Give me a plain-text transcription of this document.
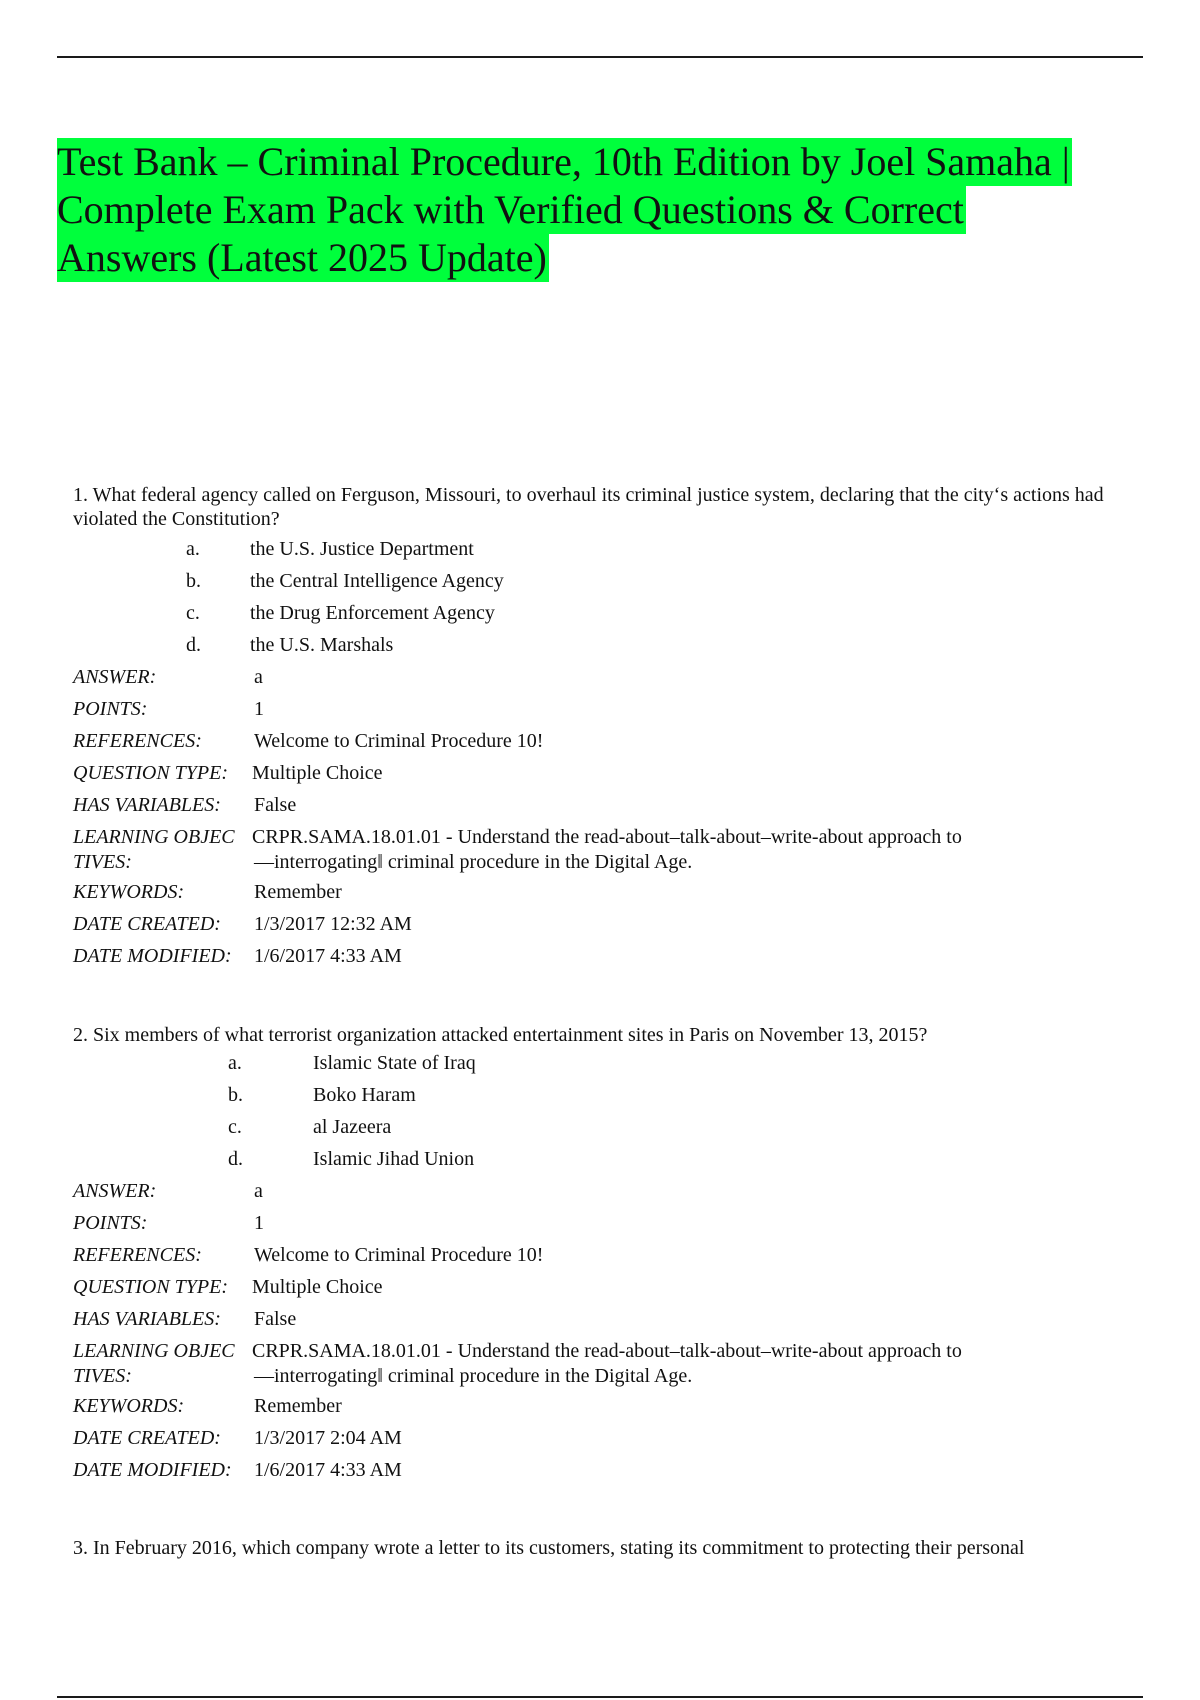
Test Bank – Criminal Procedure, 10th Edition by Joel Samaha |
Complete Exam Pack with Verified Questions & Correct
Answers (Latest 2025 Update)
1. What federal agency called on Ferguson, Missouri, to overhaul its criminal justice system, declaring that the city‘s actions had violated the Constitution?
a.	the U.S. Justice Department
b. the Central Intelligence Agency
c.	the Drug Enforcement Agency
d. the U.S. Marshals
ANSWER:	a
POINTS:	1
REFERENCES:	Welcome to Criminal Procedure 10!
QUESTION TYPE: Multiple Choice
HAS VARIABLES: False
LEARNING OBJEC
TIVES:
CRPR.SAMA.18.01.01 - Understand the read-about–talk-about–write-about approach to
—interrogating‖ criminal procedure in the Digital Age.
KEYWORDS:	Remember
DATE CREATED: 1/3/2017 12:32 AM
DATE MODIFIED: 1/6/2017 4:33 AM
2. Six members of what terrorist organization attacked entertainment sites in Paris on November 13, 2015?
a.	Islamic State of Iraq
b.	Boko Haram
c.	al Jazeera
d.	Islamic Jihad Union
ANSWER:	a
POINTS:	1
REFERENCES:	Welcome to Criminal Procedure 10!
QUESTION TYPE: Multiple Choice
HAS VARIABLES: False
LEARNING OBJEC
TIVES:
CRPR.SAMA.18.01.01 - Understand the read-about–talk-about–write-about approach to
—interrogating‖ criminal procedure in the Digital Age.
KEYWORDS:	Remember
DATE CREATED: 1/3/2017 2:04 AM
DATE MODIFIED: 1/6/2017 4:33 AM
3. In February 2016, which company wrote a letter to its customers, stating its commitment to protecting their personal
